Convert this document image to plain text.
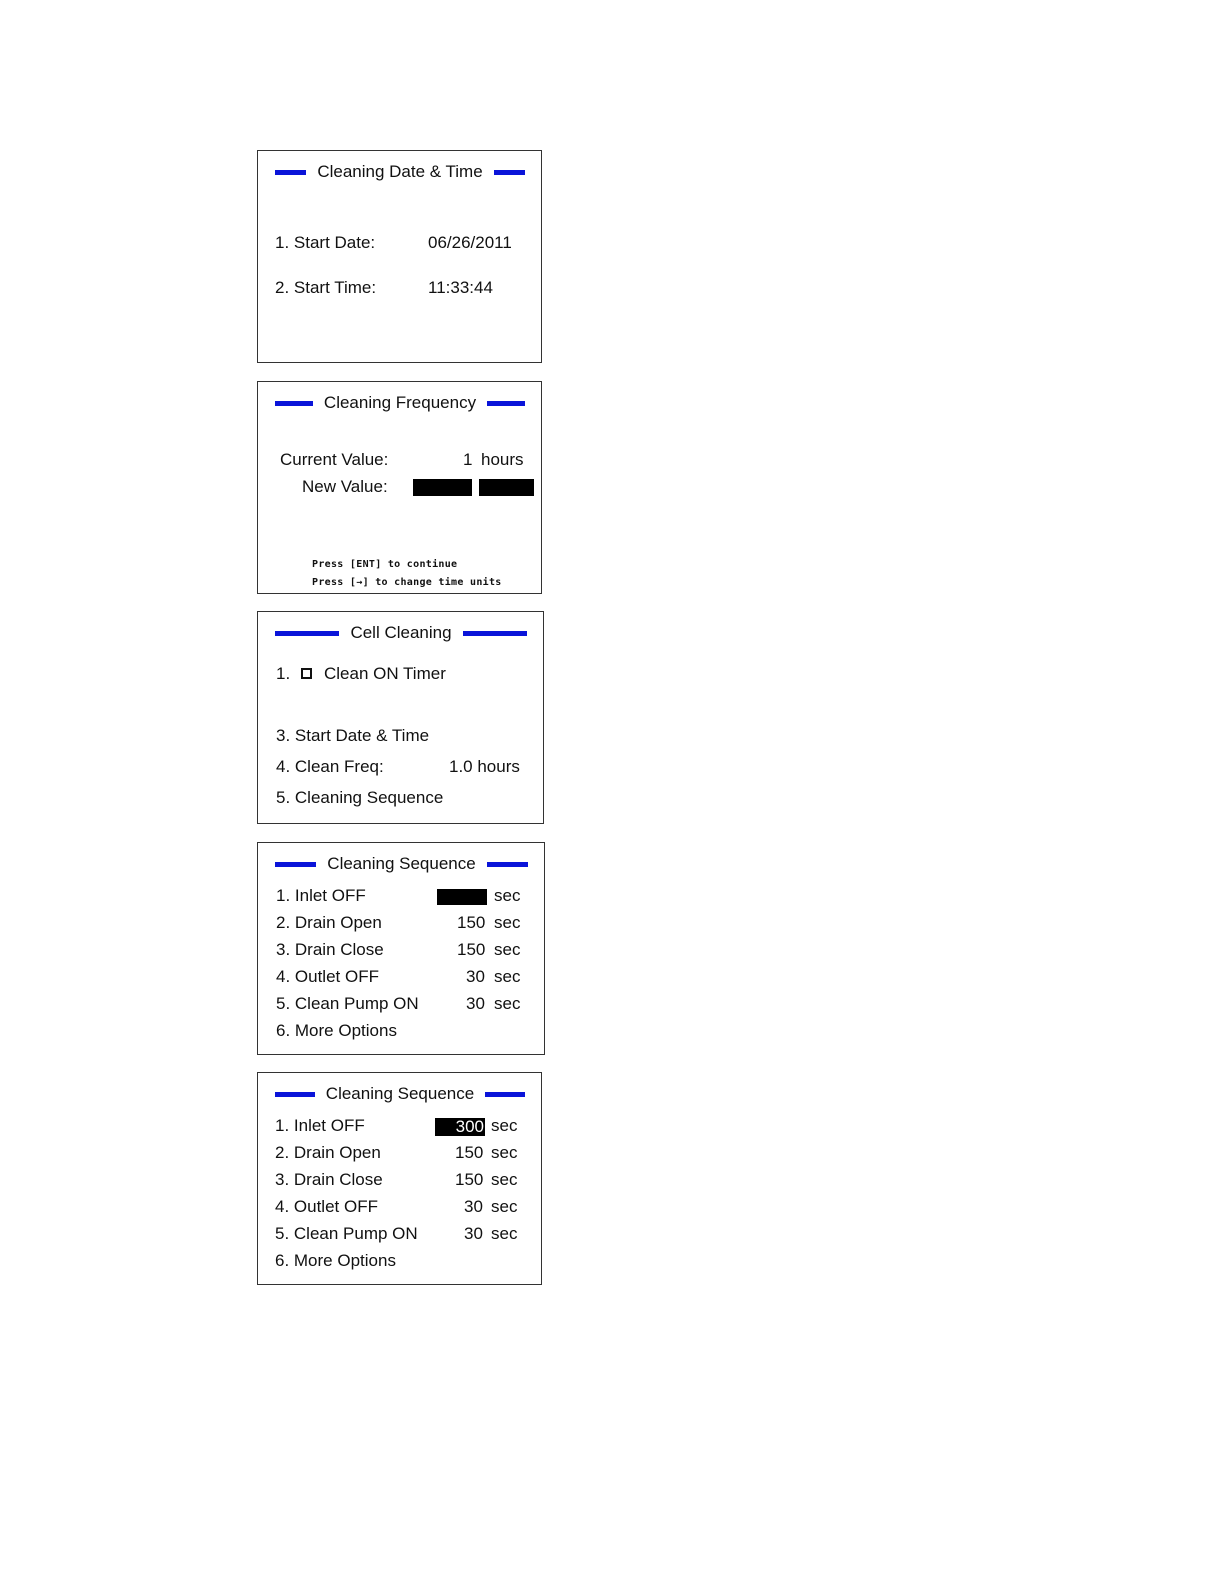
Cleaning Date & Time
1. Start Date:	06/26/2011
2. Start Time:	11:33:44
Cleaning Frequency
Current Value:	1 hours
New Value:
Press [ENT] to continue
Press [→] to change time units
Cell Cleaning
1. Clean ON Timer
3. Start Date & Time
4. Clean Freq:	1.0 hours
5. Cleaning Sequence
Cleaning Sequence
1. Inlet OFF	sec
2. Drain Open	150 sec
3. Drain Close	150 sec
4. Outlet OFF	30 sec
5. Clean Pump ON	30 sec
6. More Options
Cleaning Sequence
1. Inlet OFF	300 sec
2. Drain Open	150 sec
3. Drain Close	150 sec
4. Outlet OFF	30 sec
5. Clean Pump ON	30 sec
6. More Options
